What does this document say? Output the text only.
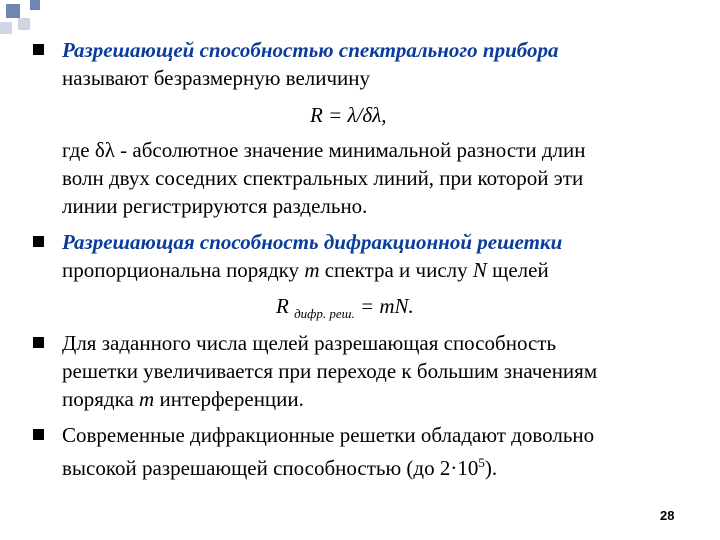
Разрешающей способностью спектрального прибора
называют безразмерную величину
R = λ/δλ,
где δλ - абсолютное значение минимальной разности длин
волн двух соседних спектральных линий, при которой эти
линии регистрируются раздельно.
Разрешающая способность дифракционной решетки
пропорциональна порядку m спектра и числу N щелей
R $_{дифр. реш.}$ = mN.
Для заданного числа щелей разрешающая способность
решетки увеличивается при переходе к большим значениям
порядка m интерференции.
Современные дифракционные решетки обладают довольно
высокой разрешающей способностью (до $2\cdot 10^5$).
28
